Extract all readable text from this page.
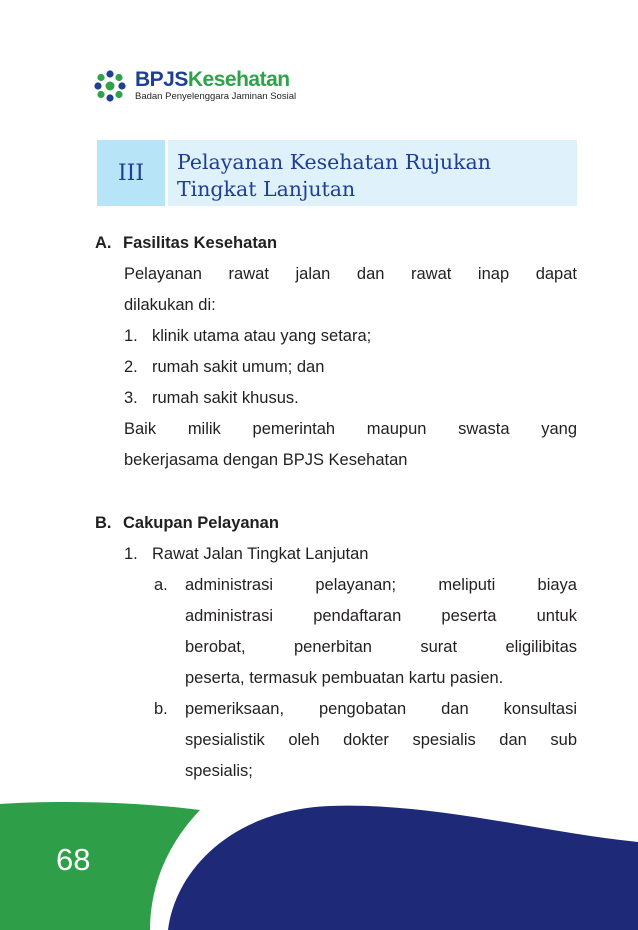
BPJSKesehatan
Badan Penyelenggara Jaminan Sosial
III	Pelayanan Kesehatan Rujukan
Tingkat Lanjutan
A. Fasilitas Kesehatan
Pelayanan rawat jalan dan rawat inap dapat
dilakukan di:
1. klinik utama atau yang setara;
2. rumah sakit umum; dan
3. rumah sakit khusus.
Baik milik pemerintah maupun swasta yang
bekerjasama dengan BPJS Kesehatan
B. Cakupan Pelayanan
1. Rawat Jalan Tingkat Lanjutan
a.	administrasi pelayanan; meliputi biaya
administrasi pendaftaran peserta untuk
berobat, penerbitan surat eligilibitas
peserta, termasuk pembuatan kartu pasien.
b.	pemeriksaan, pengobatan dan konsultasi
spesialistik oleh dokter spesialis dan sub
spesialis;
68
